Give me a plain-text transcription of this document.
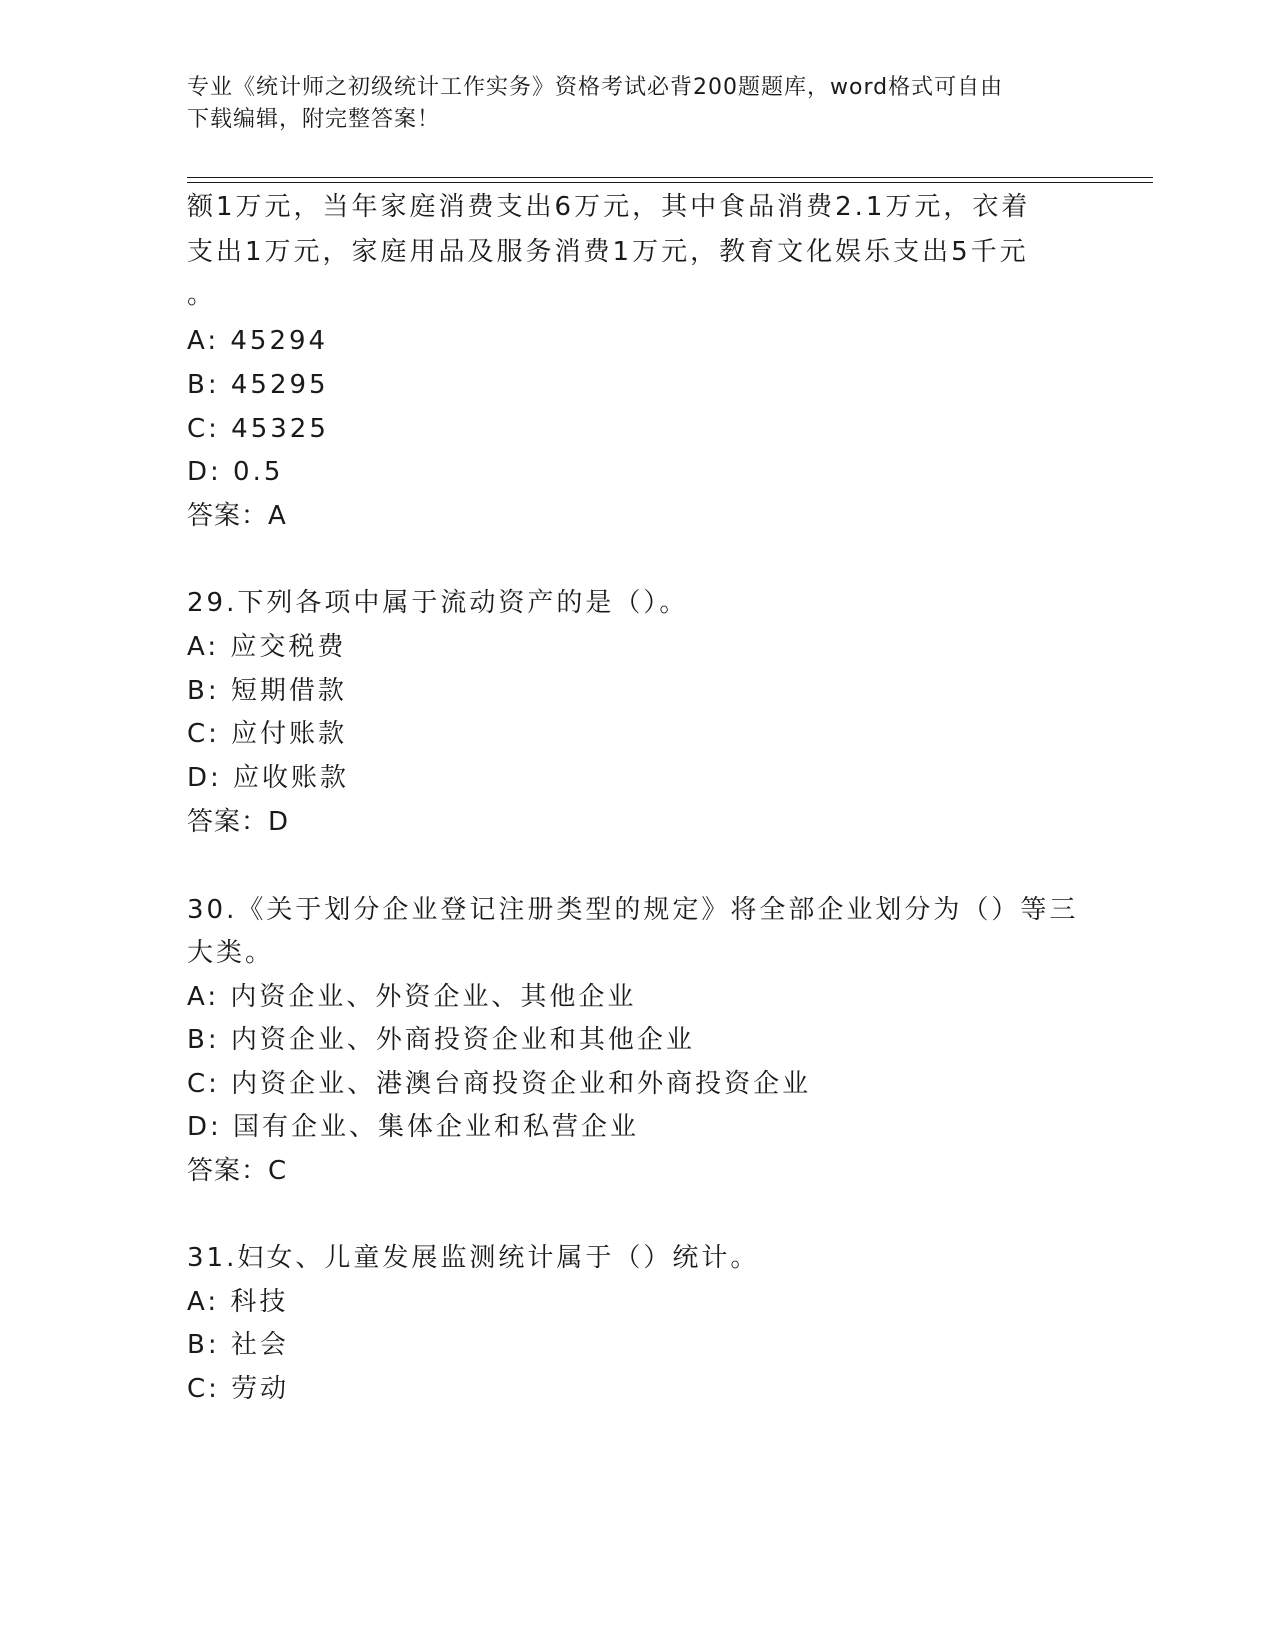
专业《统计师之初级统计工作实务》资格考试必背200题题库，word格式可自由
下载编辑，附完整答案！
额1万元，当年家庭消费支出6万元，其中食品消费2.1万元，衣着
支出1万元，家庭用品及服务消费1万元，教育文化娱乐支出5千元
。
A: 45294
B: 45295
C: 45325
D: 0.5
答案：A
29.下列各项中属于流动资产的是（）。
A: 应交税费
B: 短期借款
C: 应付账款
D: 应收账款
答案：D
30.《关于划分企业登记注册类型的规定》将全部企业划分为（）等三
大类。
A: 内资企业、外资企业、其他企业
B: 内资企业、外商投资企业和其他企业
C: 内资企业、港澳台商投资企业和外商投资企业
D: 国有企业、集体企业和私营企业
答案：C
31.妇女、儿童发展监测统计属于（）统计。
A: 科技
B: 社会
C: 劳动
